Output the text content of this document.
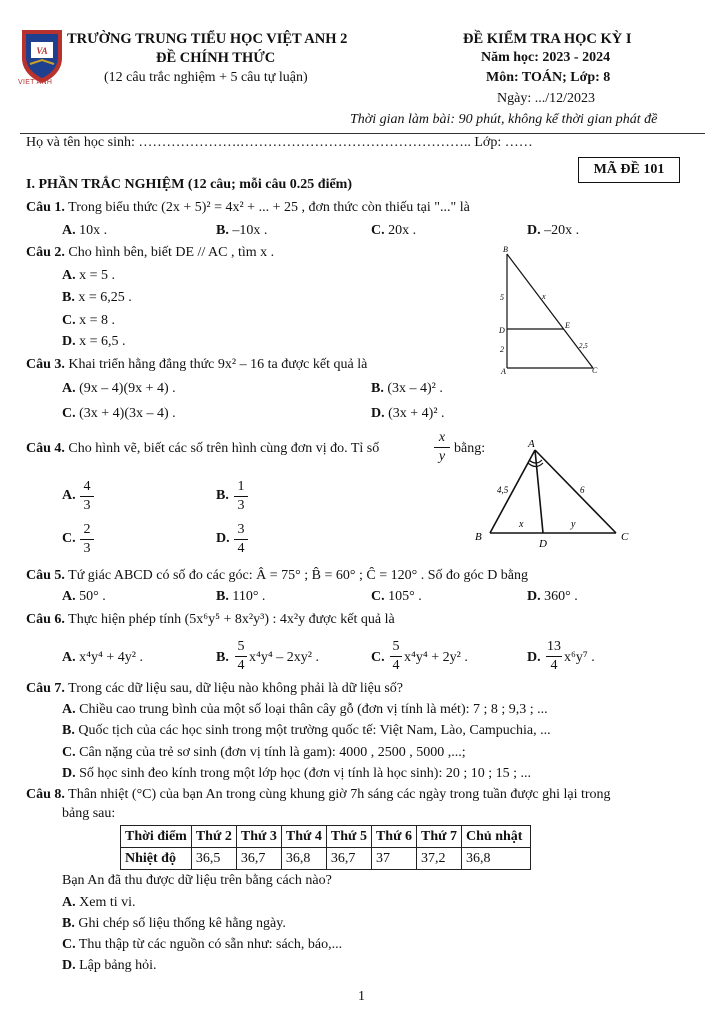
VA
VIET ANH
TRƯỜNG TRUNG TIỂU HỌC VIỆT ANH 2
ĐỀ CHÍNH THỨC
(12 câu trắc nghiệm + 5 câu tự luận)
ĐỀ KIỂM TRA HỌC KỲ I
Năm học: 2023 - 2024
Môn: TOÁN; Lớp: 8
Ngày: .../12/2023
Thời gian làm bài: 90 phút, không kể thời gian phát đề
Họ và tên học sinh: ………………….………………………………………….. Lớp: ……
MÃ ĐỀ 101
I. PHẦN TRẮC NGHIỆM (12 câu; mỗi câu 0.25 điểm)
Câu 1. Trong biểu thức (2x + 5)² = 4x² + ... + 25 , đơn thức còn thiếu tại "..." là
A. 10x .	B. –10x .	C. 20x .	D. –20x .
Câu 2. Cho hình bên, biết DE // AC , tìm x .
A. x = 5 .
B. x = 6,25 .
C. x = 8 .
D. x = 6,5 .
B
D
E
A	C
5	x
2	2,5
Câu 3. Khai triển hằng đẳng thức 9x² – 16 ta được kết quả là
A. (9x – 4)(9x + 4) .	B. (3x – 4)² .
C. (3x + 4)(3x – 4) .	D. (3x + 4)² .
Câu 4. Cho hình vẽ, biết các số trên hình cùng đơn vị đo. Tỉ số
x
y
bằng:
A.
4
3
B.
1
3
C.
2
3
D.
3
4
A
B	C
D
4,5	6
x	y
Câu 5. Tứ giác ABCD có số đo các góc: Â = 75° ; B̂ = 60° ; Ĉ = 120° . Số đo góc D bằng
A. 50° .	B. 110° .	C. 105° .	D. 360° .
Câu 6. Thực hiện phép tính (5x⁶y⁵ + 8x²y³) : 4x²y được kết quả là
A. x⁴y⁴ + 4y² .	B.
5
4
x⁴y⁴ – 2xy² .	C.
5
4
x⁴y⁴ + 2y² .	D.
13
4
x⁶y⁷ .
Câu 7. Trong các dữ liệu sau, dữ liệu nào không phải là dữ liệu số?
A. Chiều cao trung bình của một số loại thân cây gỗ (đơn vị tính là mét): 7 ; 8 ; 9,3 ; ...
B. Quốc tịch của các học sinh trong một trường quốc tế: Việt Nam, Lào, Campuchia, ...
C. Cân nặng của trẻ sơ sinh (đơn vị tính là gam): 4000 , 2500 , 5000 ,...;
D. Số học sinh đeo kính trong một lớp học (đơn vị tính là học sinh): 20 ; 10 ; 15 ; ...
Câu 8. Thân nhiệt (°C) của bạn An trong cùng khung giờ 7h sáng các ngày trong tuần được ghi lại trong
bảng sau:
Thời điểm	Thứ 2	Thứ 3	Thứ 4	Thứ 5	Thứ 6	Thứ 7	Chủ nhật
Nhiệt độ	36,5	36,7	36,8	36,7	37	37,2	36,8
Bạn An đã thu được dữ liệu trên bằng cách nào?
A. Xem ti vi.
B. Ghi chép số liệu thống kê hằng ngày.
C. Thu thập từ các nguồn có sẵn như: sách, báo,...
D. Lập bảng hỏi.
1
